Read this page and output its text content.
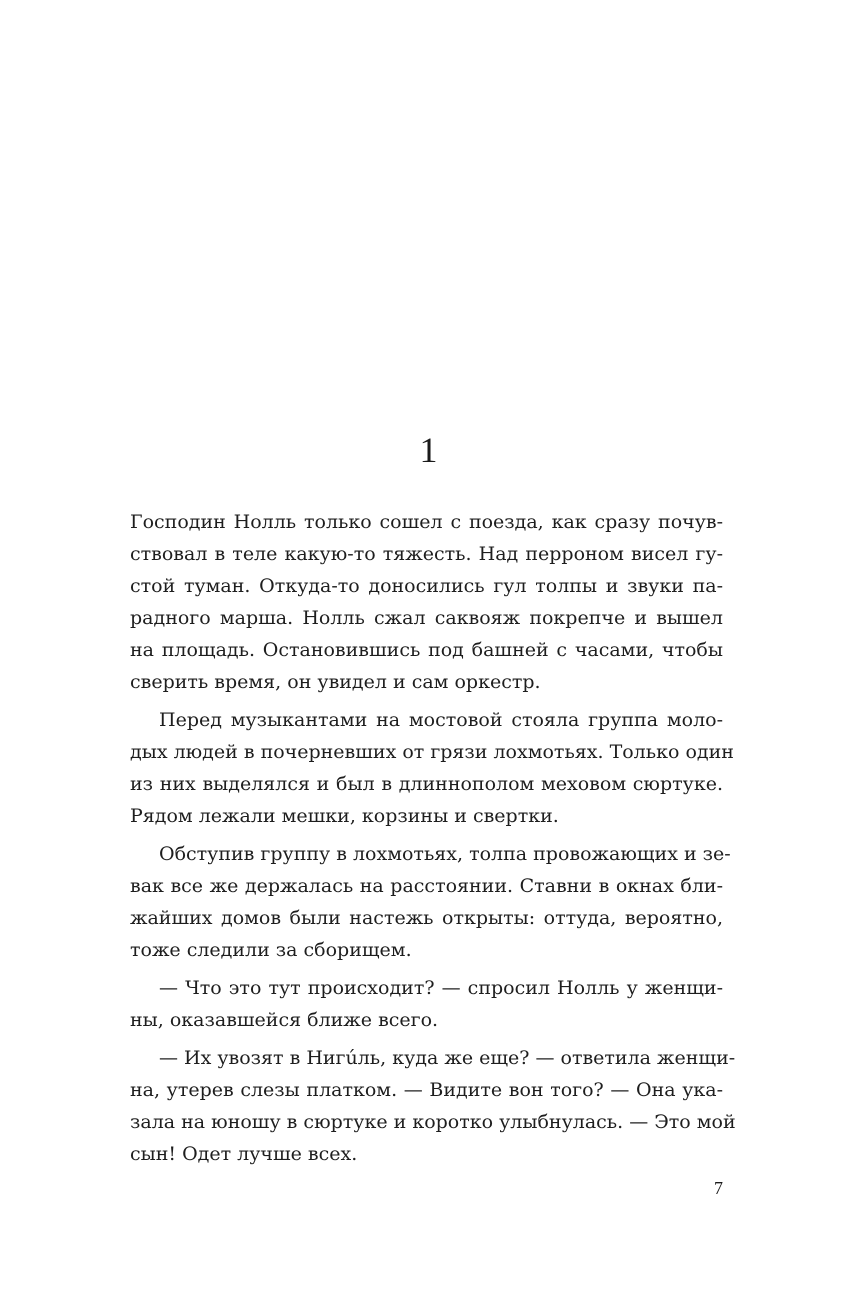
1
Господин Нолль только сошел с поезда, как сразу почув-
ствовал в теле какую-то тяжесть. Над перроном висел гу-
стой туман. Откуда-то доносились гул толпы и звуки па-
радного марша. Нолль сжал саквояж покрепче и вышел
на площадь. Остановившись под башней с часами, чтобы
сверить время, он увидел и сам оркестр.
Перед музыкантами на мостовой стояла группа моло-
дых людей в почерневших от грязи лохмотьях. Только один
из них выделялся и был в длиннополом меховом сюртуке.
Рядом лежали мешки, корзины и свертки.
Обступив группу в лохмотьях, толпа провожающих и зе-
вак все же держалась на расстоянии. Ставни в окнах бли-
жайших домов были настежь открыты: оттуда, вероятно,
тоже следили за сборищем.
— Что это тут происходит? — спросил Нолль у женщи-
ны, оказавшейся ближе всего.
— Их увозят в Нигúль, куда же еще? — ответила женщи-
на, утерев слезы платком. — Видите вон того? — Она ука-
зала на юношу в сюртуке и коротко улыбнулась. — Это мой
сын! Одет лучше всех.
7
